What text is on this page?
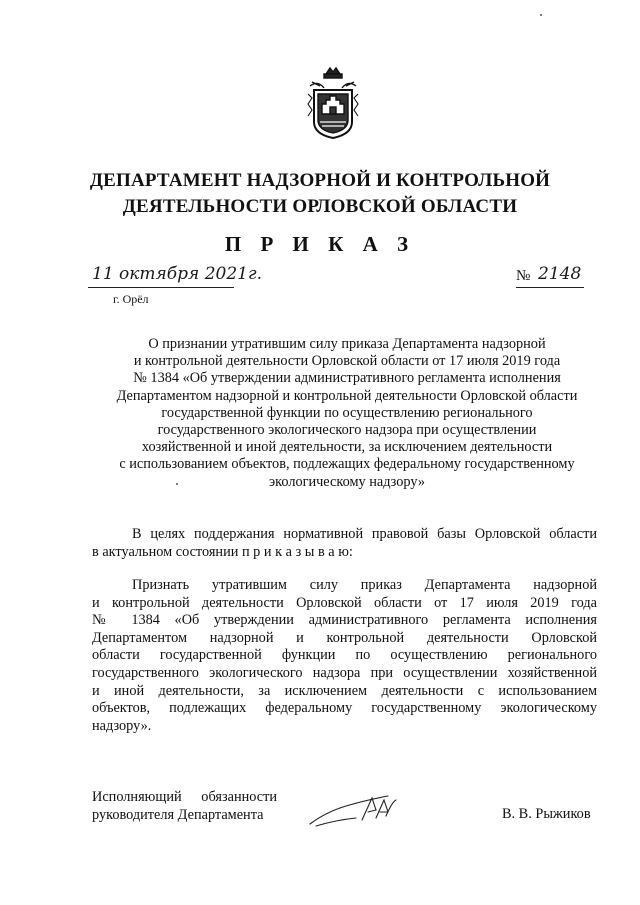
ДЕПАРТАМЕНТ НАДЗОРНОЙ И КОНТРОЛЬНОЙ
ДЕЯТЕЛЬНОСТИ ОРЛОВСКОЙ ОБЛАСТИ
П Р И К А З
11 октября 2021г.
г. Орёл
№ 2148
О признании утратившим силу приказа Департамента надзорной
и контрольной деятельности Орловской области от 17 июля 2019 года
№ 1384 «Об утверждении административного регламента исполнения
Департаментом надзорной и контрольной деятельности Орловской области
государственной функции по осуществлению регионального
государственного экологического надзора при осуществлении
хозяйственной и иной деятельности, за исключением деятельности
с использованием объектов, подлежащих федеральному государственному
экологическому надзору»
В целях поддержания нормативной правовой базы Орловской области
в актуальном состоянии п р и к а з ы в а ю:
Признать утратившим силу приказ Департамента надзорной
и контрольной деятельности Орловской области от 17 июля 2019 года
№ 1384 «Об утверждении административного регламента исполнения
Департаментом надзорной и контрольной деятельности Орловской
области государственной функции по осуществлению регионального
государственного экологического надзора при осуществлении хозяйственной
и иной деятельности, за исключением деятельности с использованием
объектов, подлежащих федеральному государственному экологическому
надзору».
Исполняющий обязанности
руководителя Департамента	В. В. Рыжиков
